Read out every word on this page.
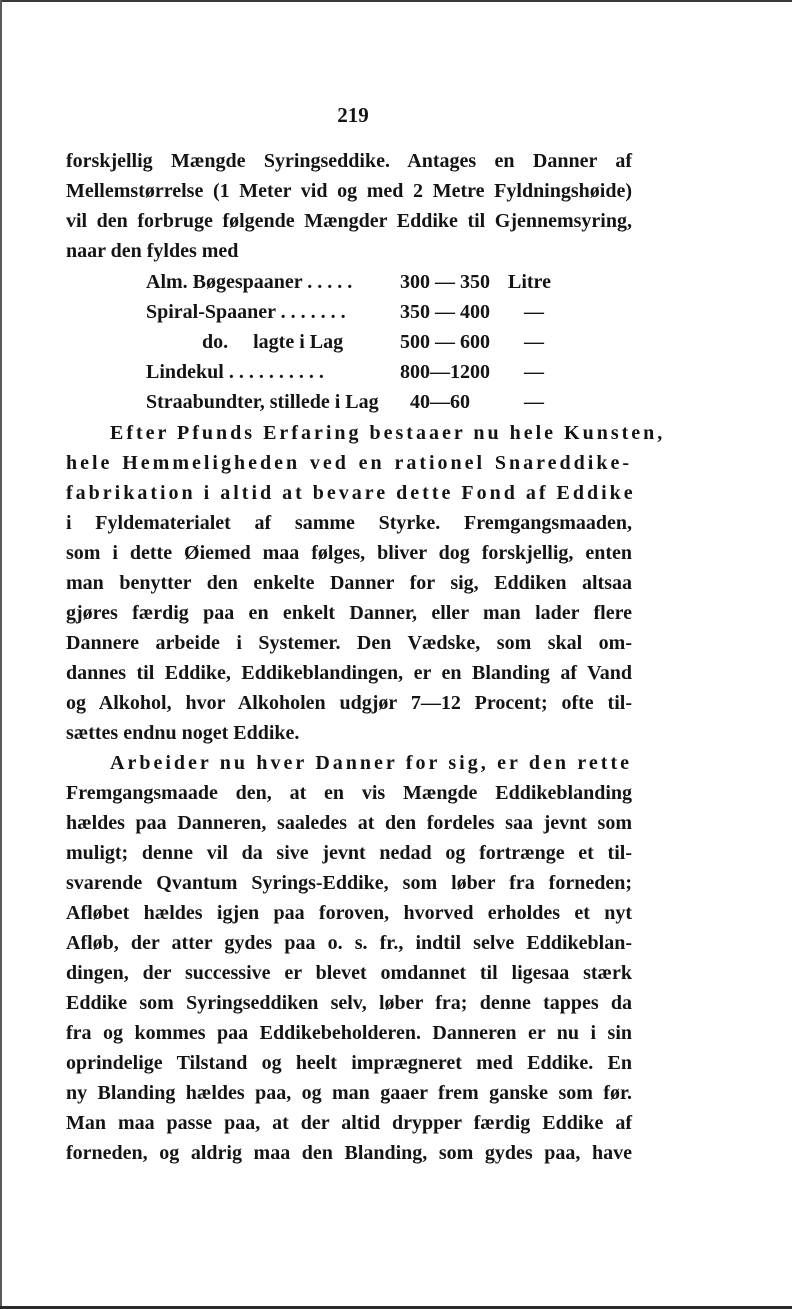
219
forskjellig Mængde Syringseddike. Antages en Danner af
Mellemstørrelse (1 Meter vid og med 2 Metre Fyldningshøide)
vil den forbruge følgende Mængder Eddike til Gjennemsyring,
naar den fyldes med
Alm. Bøgespaaner . . . . . 300 — 350 Litre
Spiral-Spaaner . . . . . . .	350 — 400	—
do.     lagte i Lag	500 — 600	—
Lindekul . . . . . . . . . .	800—1200	—
Straabundter, stillede i Lag 40—60	—
Efter Pfunds Erfaring bestaaer nu hele Kunsten,
hele Hemmeligheden ved en rationel Snareddike-
fabrikation i altid at bevare dette Fond af Eddike
i Fyldematerialet af samme Styrke. Fremgangsmaaden,
som i dette Øiemed maa følges, bliver dog forskjellig, enten
man benytter den enkelte Danner for sig, Eddiken altsaa
gjøres færdig paa en enkelt Danner, eller man lader flere
Dannere arbeide i Systemer. Den Vædske, som skal om-
dannes til Eddike, Eddikeblandingen, er en Blanding af Vand
og Alkohol, hvor Alkoholen udgjør 7—12 Procent; ofte til-
sættes endnu noget Eddike.
Arbeider nu hver Danner for sig, er den rette
Fremgangsmaade den, at en vis Mængde Eddikeblanding
hældes paa Danneren, saaledes at den fordeles saa jevnt som
muligt; denne vil da sive jevnt nedad og fortrænge et til-
svarende Qvantum Syrings-Eddike, som løber fra forneden;
Afløbet hældes igjen paa foroven, hvorved erholdes et nyt
Afløb, der atter gydes paa o. s. fr., indtil selve Eddikeblan-
dingen, der successive er blevet omdannet til ligesaa stærk
Eddike som Syringseddiken selv, løber fra; denne tappes da
fra og kommes paa Eddikebeholderen. Danneren er nu i sin
oprindelige Tilstand og heelt imprægneret med Eddike. En
ny Blanding hældes paa, og man gaaer frem ganske som før.
Man maa passe paa, at der altid drypper færdig Eddike af
forneden, og aldrig maa den Blanding, som gydes paa, have
